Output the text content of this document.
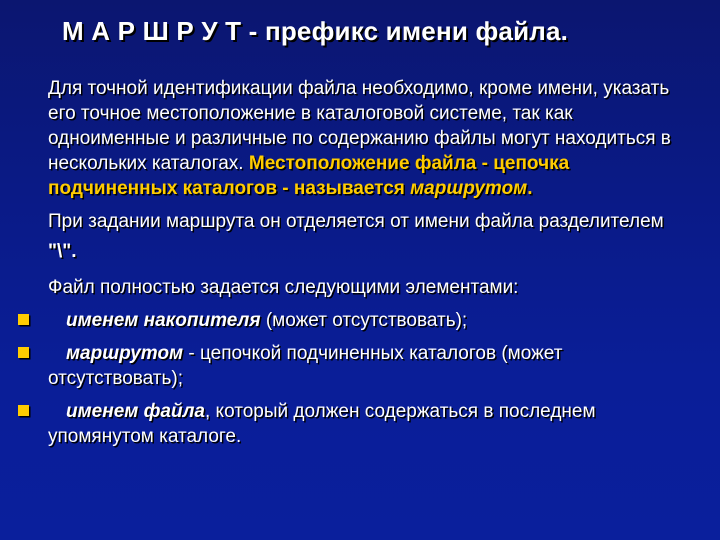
М А Р Ш Р У Т - префикс имени файла.

Для точной идентификации файла необходимо, кроме имени, указать его точное местоположение в каталоговой системе, так как одноименные и различные по содержанию файлы могут находиться в нескольких каталогах. Местоположение файла - цепочка подчиненных каталогов - называется маршрутом.

При задании маршрута он отделяется от имени файла разделителем "\".

Файл полностью задается следующими элементами:

именем накопителя (может отсутствовать);
маршрутом - цепочкой подчиненных каталогов (может отсутствовать);
именем файла, который должен содержаться в последнем упомянутом каталоге.
